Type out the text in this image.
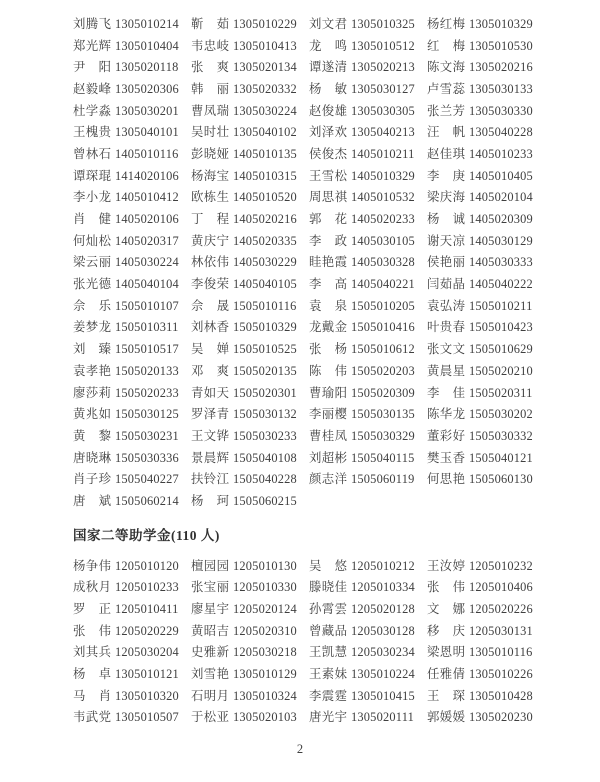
刘 腾 飞 1305010214 靳 茹 1305010229 刘 文 君 1305010325 杨 红 梅 1305010329
郑 光 辉 1305010404 韦 忠 岐 1305010413 龙 鸣 1305010512 红 梅 1305010530
尹 阳 1305020118 张 爽 1305020134 谭 遂 清 1305020213 陈 文 海 1305020216
赵 毅 峰 1305020306 韩 丽 1305020332 杨 敏 1305030127 卢 雪 蕊 1305030133
杜 学 淼 1305030201 曹 凤 瑞 1305030224 赵 俊 雄 1305030305 张 兰 芳 1305030330
王 槐 贵 1305040101 吴 时 壮 1305040102 刘 泽 欢 1305040213 汪 帆 1305040228
曾 林 石 1405010116 彭 晓 娅 1405010135 侯 俊 杰 1405010211 赵 佳 琪 1405010233
谭 琛 琨 1414020106 杨 海 宝 1405010315 王 雪 松 1405010329 李 庚 1405010405
李 小 龙 1405010412 欧 栋 生 1405010520 周 思 祺 1405010532 梁 庆 海 1405020104
肖 健 1405020106 丁 程 1405020216 郭 花 1405020233 杨 诚 1405020309
何 灿 松 1405020317 黄 庆 宁 1405020335 李 政 1405030105 谢 天 凉 1405030129
梁 云 丽 1405030224 林 依 伟 1405030229 眭 艳 霞 1405030328 侯 艳 丽 1405030333
张 光 德 1405040104 李 俊 荣 1405040105 李 高 1405040221 闫 茹 晶 1405040222
佘 乐 1505010107 佘 晟 1505010116 袁 泉 1505010205 袁 弘 涛 1505010211
姜 梦 龙 1505010311 刘 林 香 1505010329 龙 戴 金 1505010416 叶 贵 春 1505010423
刘 臻 1505010517 吴 婵 1505010525 张 杨 1505010612 张 文 文 1505010629
袁 孝 艳 1505020133 邓 爽 1505020135 陈 伟 1505020203 黄 晨 星 1505020210
廖 莎 莉 1505020233 青 如 天 1505020301 曹 瑜 阳 1505020309 李 佳 1505020311
黄 兆 如 1505030125 罗 泽 青 1505030132 李 丽 樱 1505030135 陈 华 龙 1505030202
黄 黎 1505030231 王 文 铧 1505030233 曹 桂 凤 1505030329 董 彩 好 1505030332
唐 晓 琳 1505030336 景 晨 辉 1505040108 刘 超 彬 1505040115 樊 玉 香 1505040121
肖 子 珍 1505040227 扶 铃 江 1505040228 颜 志 洋 1505060119 何 思 艳 1505060130
唐 斌 1505060214 杨 珂 1505060215
国家二等助学金(110 人)
杨 争 伟 1205010120 檀 园 园 1205010130 吴 悠 1205010212 王 汝 婷 1205010232
成 秋 月 1205010233 张 宝 丽 1205010330 滕 晓 佳 1205010334 张 伟 1205010406
罗 正 1205010411 廖 星 宇 1205020124 孙 霄 雲 1205020128 文 娜 1205020226
张 伟 1205020229 黄 昭 吉 1205020310 曾 藏 品 1205030128 移 庆 1205030131
刘 其 兵 1205030204 史 雅 新 1205030218 王 凯 慧 1205030234 梁 恩 明 1305010116
杨 卓 1305010121 刘 雪 艳 1305010129 王 素 妹 1305010224 任 雅 倩 1305010226
马 肖 1305010320 石 明 月 1305010324 李 震 霆 1305010415 王 琛 1305010428
韦 武 党 1305010507 于 松 亚 1305020103 唐 光 宇 1305020111 郭 媛 媛 1305020230
2
